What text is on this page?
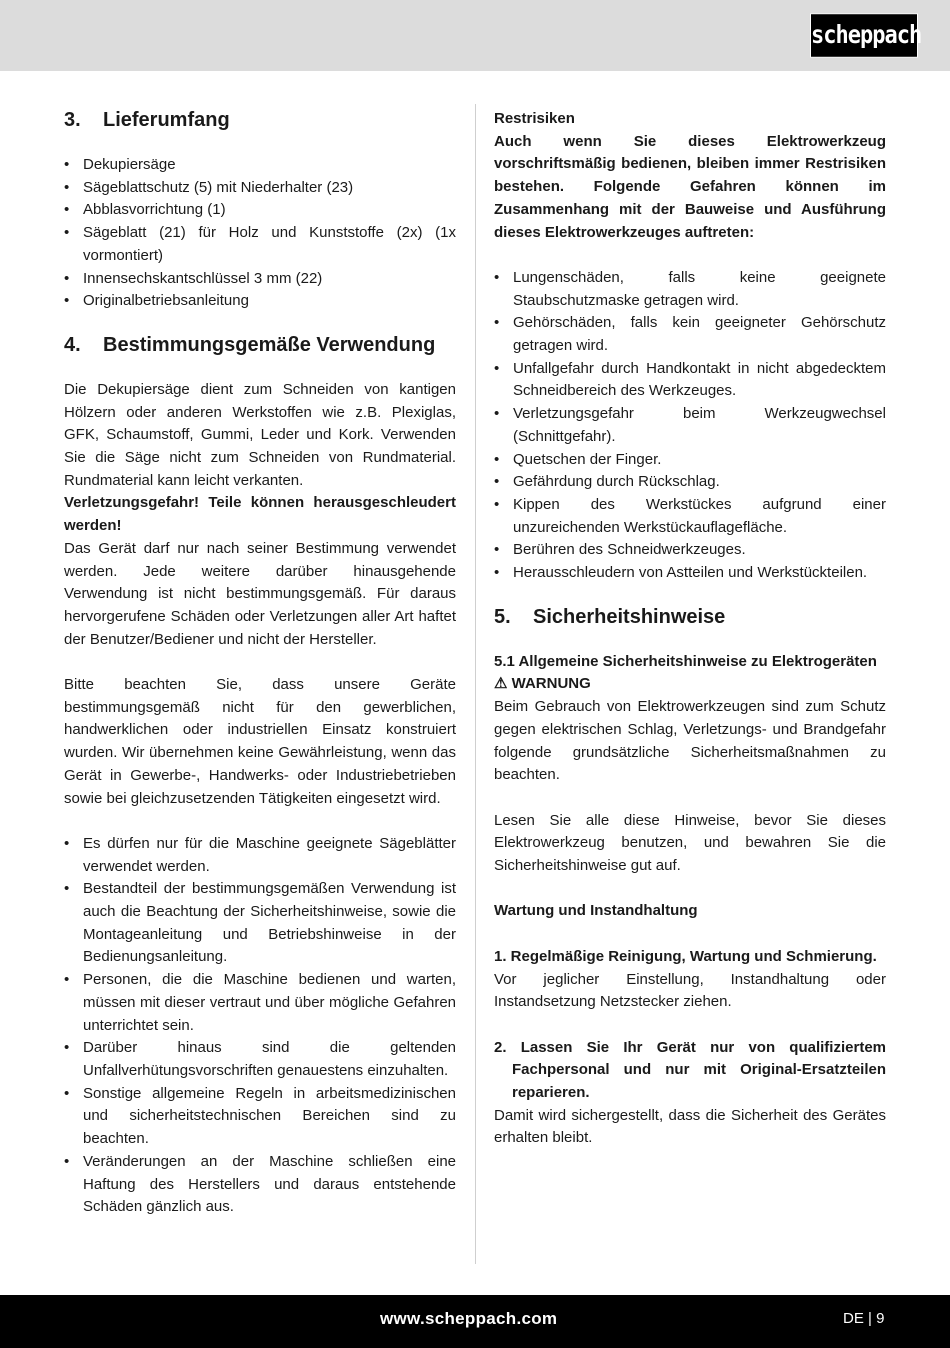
scheppach
3. Lieferumfang
• Dekupiersäge
• Sägeblattschutz (5) mit Niederhalter (23)
• Abblasvorrichtung (1)
• Sägeblatt (21) für Holz und Kunststoffe (2x) (1x vormontiert)
• Innensechskantschlüssel 3 mm (22)
• Originalbetriebsanleitung
4. Bestimmungsgemäße Verwendung

Die Dekupiersäge dient zum Schneiden von kantigen Hölzern oder anderen Werkstoffen wie z.B. Plexiglas, GFK, Schaumstoff, Gummi, Leder und Kork. Verwenden Sie die Säge nicht zum Schneiden von Rundmaterial. Rundmaterial kann leicht verkanten.

Verletzungsgefahr! Teile können herausgeschleudert werden!

Das Gerät darf nur nach seiner Bestimmung verwendet werden. Jede weitere darüber hinausgehende Verwendung ist nicht bestimmungsgemäß. Für daraus hervorgerufene Schäden oder Verletzungen aller Art haftet der Benutzer/Bediener und nicht der Hersteller.

Bitte beachten Sie, dass unsere Geräte bestimmungsgemäß nicht für den gewerblichen, handwerklichen oder industriellen Einsatz konstruiert wurden. Wir übernehmen keine Gewährleistung, wenn das Gerät in Gewerbe-, Handwerks- oder Industriebetrieben sowie bei gleichzusetzenden Tätigkeiten eingesetzt wird.

• Es dürfen nur für die Maschine geeignete Sägeblätter verwendet werden.
• Bestandteil der bestimmungsgemäßen Verwendung ist auch die Beachtung der Sicherheitshinweise, sowie die Montageanleitung und Betriebshinweise in der Bedienungsanleitung.
• Personen, die die Maschine bedienen und warten, müssen mit dieser vertraut und über mögliche Gefahren unterrichtet sein.
• Darüber hinaus sind die geltenden Unfallverhütungsvorschriften genauestens einzuhalten.
• Sonstige allgemeine Regeln in arbeitsmedizinischen und sicherheitstechnischen Bereichen sind zu beachten.
• Veränderungen an der Maschine schließen eine Haftung des Herstellers und daraus entstehende Schäden gänzlich aus.

Restrisiken

Auch wenn Sie dieses Elektrowerkzeug vorschriftsmäßig bedienen, bleiben immer Restrisiken bestehen. Folgende Gefahren können im Zusammenhang mit der Bauweise und Ausführung dieses Elektrowerkzeuges auftreten:

• Lungenschäden, falls keine geeignete Staubschutzmaske getragen wird.
• Gehörschäden, falls kein geeigneter Gehörschutz getragen wird.
• Unfallgefahr durch Handkontakt in nicht abgedecktem Schneidbereich des Werkzeuges.
• Verletzungsgefahr beim Werkzeugwechsel (Schnittgefahr).
• Quetschen der Finger.
• Gefährdung durch Rückschlag.
• Kippen des Werkstückes aufgrund einer unzureichenden Werkstückauflagefläche.
• Berühren des Schneidwerkzeuges.
• Herausschleudern von Astteilen und Werkstückteilen.
5. Sicherheitshinweise

5.1 Allgemeine Sicherheitshinweise zu Elektrogeräten

⚠ WARNUNG

Beim Gebrauch von Elektrowerkzeugen sind zum Schutz gegen elektrischen Schlag, Verletzungs- und Brandgefahr folgende grundsätzliche Sicherheitsmaßnahmen zu beachten.

Lesen Sie alle diese Hinweise, bevor Sie dieses Elektrowerkzeug benutzen, und bewahren Sie die Sicherheitshinweise gut auf.

Wartung und Instandhaltung

1. Regelmäßige Reinigung, Wartung und Schmierung.

Vor jeglicher Einstellung, Instandhaltung oder Instandsetzung Netzstecker ziehen.

2. Lassen Sie Ihr Gerät nur von qualifiziertem Fachpersonal und nur mit Original-Ersatzteilen reparieren.

Damit wird sichergestellt, dass die Sicherheit des Gerätes erhalten bleibt.

www.scheppach.com	DE | 9
